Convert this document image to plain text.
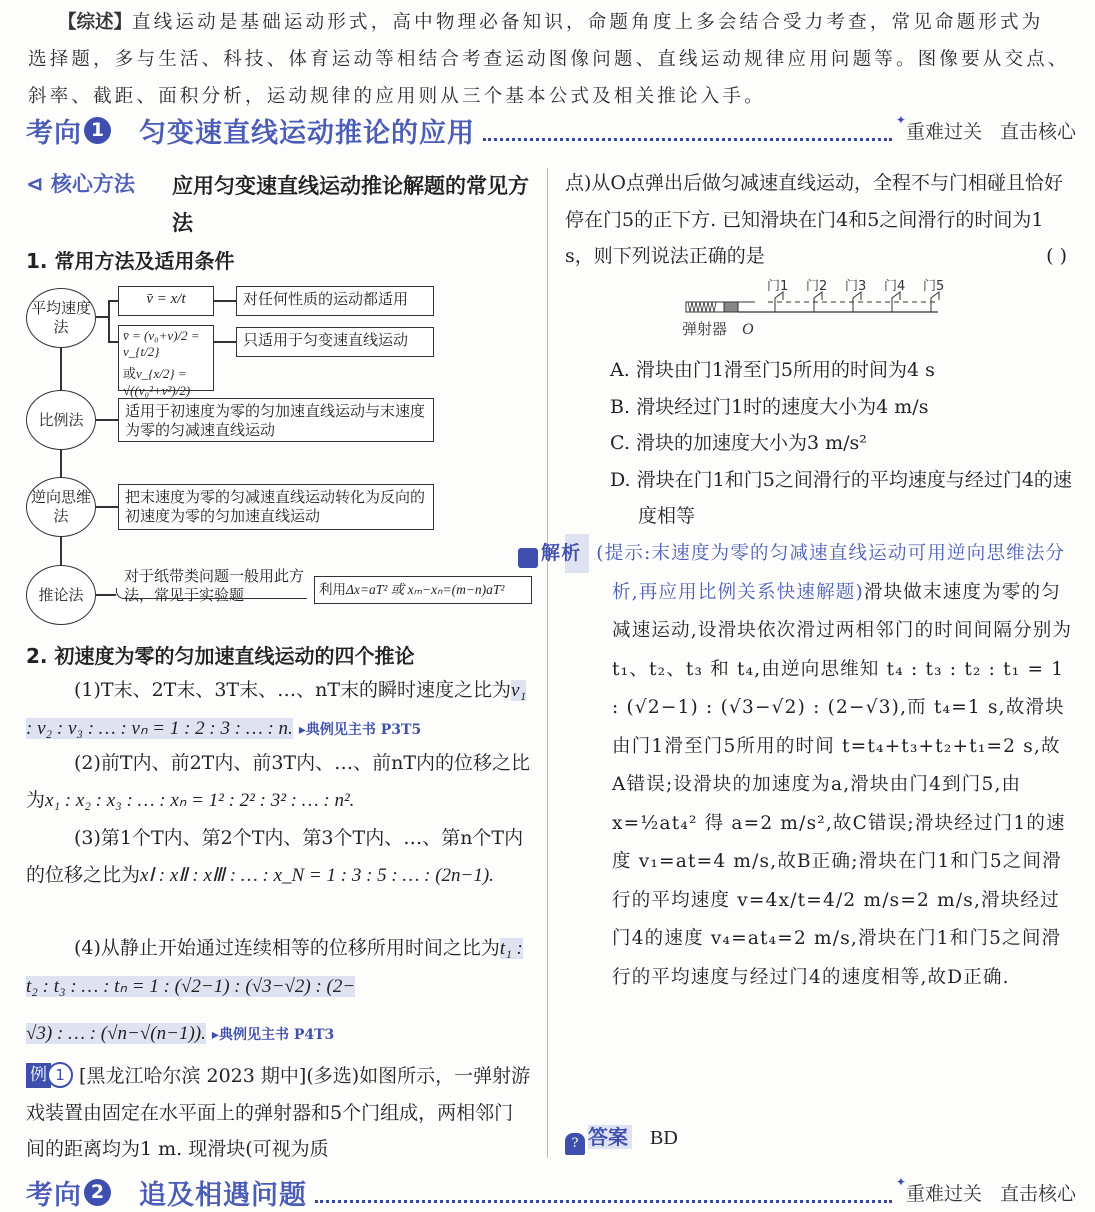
【综述】直线运动是基础运动形式，高中物理必备知识，命题角度上多会结合受力考查，常见命题形式为

选择题，多与生活、科技、体育运动等相结合考查运动图像问题、直线运动规律应用问题等。图像要从交点、

斜率、截距、面积分析，运动规律的应用则从三个基本公式及相关推论入手。

考向 1 匀变速直线运动推论的应用	✦
重难过关 直击核心
⊲ 核心方法 应用匀变速直线运动推论解题的常见方法
1. 常用方法及适用条件
平均速度法
比例法
逆向思维法
推论法
v̄ = x/t	对任何性质的运动都适用
v̄ = (v₀+v)/2 = v_{t/2}
或v_{x/2} = √((v₀²+v²)/2)
只适用于匀变速直线运动
适用于初速度为零的匀加速直线运动与末速度为零的匀减速直线运动
把末速度为零的匀减速直线运动转化为反向的初速度为零的匀加速直线运动
对于纸带类问题一般用此方法，常见于实验题	利用Δx=aT² 或 xₘ−xₙ=(m−n)aT²
2. 初速度为零的匀加速直线运动的四个推论
(1)T末、2T末、3T末、…、nT末的瞬时速度之比为v₁ : v₂ : v₃ : … : vₙ = 1 : 2 : 3 : … : n. ▸典例见主书 P3T5
(2)前T内、前2T内、前3T内、…、前nT内的位移之比为x₁ : x₂ : x₃ : … : xₙ = 1² : 2² : 3² : … : n².
(3)第1个T内、第2个T内、第3个T内、…、第n个T内的位移之比为xⅠ : xⅡ : xⅢ : … : x_N = 1 : 3 : 5 : … : (2n−1).
(4)从静止开始通过连续相等的位移所用时间之比为t₁ : t₂ : t₃ : … : tₙ = 1 : (√2−1) : (√3−√2) : (2−
√3) : … : (√n−√(n−1)). ▸典例见主书 P4T3
例 1 [黑龙江哈尔滨 2023 期中](多选)如图所示，一弹射游戏装置由固定在水平面上的弹射器和5个门组成，两相邻门间的距离均为1 m. 现滑块(可视为质
点)从O点弹出后做匀减速直线运动，全程不与门相碰且恰好停在门5的正下方. 已知滑块在门4和5之间滑行的时间为1 s，则下列说法正确的是	( )
门1 门2 门3 门4 门5
弹射器 O
A. 滑块由门1滑至门5所用的时间为4 s
B. 滑块经过门1时的速度大小为4 m/s
C. 滑块的加速度大小为3 m/s²
D. 滑块在门1和门5之间滑行的平均速度与经过门4的速度相等
✎ 解析 (提示:末速度为零的匀减速直线运动可用逆向思维法分析,再应用比例关系快速解题)滑块做末速度为零的匀减速运动,设滑块依次滑过两相邻门的时间间隔分别为 t₁、t₂、t₃ 和 t₄,由逆向思维知 t₄ : t₃ : t₂ : t₁ = 1 : (√2−1) : (√3−√2) : (2−√3),而 t₄=1 s,故滑块由门1滑至门5所用的时间 t=t₄+t₃+t₂+t₁=2 s,故A错误;设滑块的加速度为a,滑块由门4到门5,由 x=½at₄² 得 a=2 m/s²,故C错误;滑块经过门1的速度 v₁=at=4 m/s,故B正确;滑块在门1和门5之间滑行的平均速度 v=4x/t=4/2 m/s=2 m/s,滑块经过门4的速度 v₄=at₄=2 m/s,滑块在门1和门5之间滑行的平均速度与经过门4的速度相等,故D正确.
? 答案 BD
考向 2 追及相遇问题	✦
重难过关 直击核心
